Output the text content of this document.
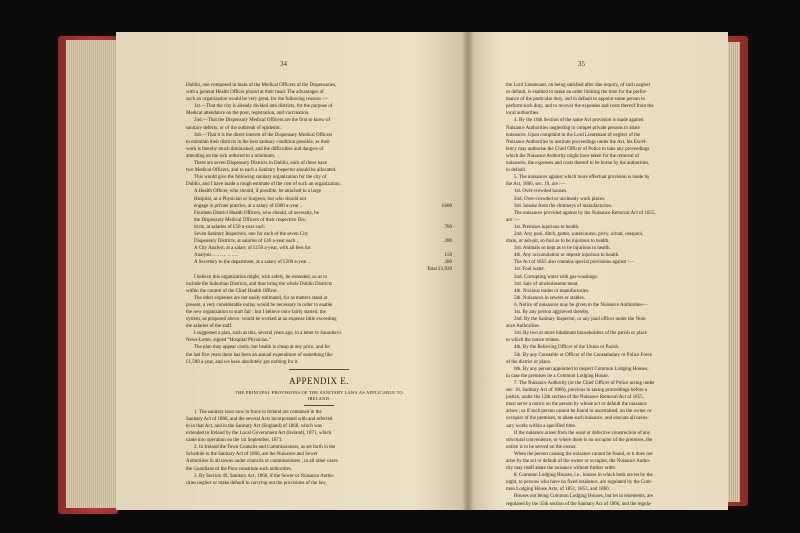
Dublin, one composed in main of the Medical Officers of the Dispensaries,
with a general Health Officer placed at their head. The advantages of
such an organization would be very great, for the following reasons :—
1st.—That the city is already divided into districts, for the purpose of
Medical attendance on the poor, registration, and vaccination.
2nd.—That the Dispensary Medical Officers are the first to know of
sanitary defects, or of the outbreak of epidemic.
3rd.—That it is the direct interest of the Dispensary Medical Officers
to maintain their districts in the best sanitary condition possible, as their
work is thereby much diminished, and the difficulties and dangers of
attending on the sick reduced to a minimum.
There are seven Dispensary Districts in Dublin, each of these have
two Medical Officers, and to each a Sanitary Inspector should be allocated.
This would give the following sanitary organization for the city of
Dublin, and I have made a rough estimate of the cost of such an organization.
A Health Officer, who should, if possible, be attached to a large
Hospital, as a Physician or Surgeon, but who should not
engage in private practice, at a salary of £600 a-year ..	£600
Fourteen District Health Officers, who should, of necessity, be
the Dispensary Medical Officers of their respective Dis-
tricts, at salaries of £50 a-year each	700
Seven Sanitary Inspectors, one for each of the seven City
Dispensary Districts, at salaries of £40 a-year each ..	280
A City Analyst, at a salary of £150 a-year, with all fees for
Analysis .. .. .. .. .. .. ..	150
A Secretary to the department, at a salary of £200 a-year ..	200
Total £1,930
I believe this organization might, with safety, be extended, so as to
include the Suburban Districts, and thus bring the whole Dublin Districts
within the control of the Chief Health Officer.
The other expenses are not easily estimated, for as matters stand at
present, a very considerable outlay would be necessary in order to enable
the new organization to start fair ; but I believe once fairly started, the
system, as proposed above, would be worked at an expense little exceeding
the salaries of the staff.
I suggested a plan, such as this, several years ago, in a letter to Saunders's
News-Letter, signed “Hospital Physician.”
The plan may appear costly, but health is cheap at any price, and for
the last five years there has been an annual expenditure of something like
£1,500 a year, and we have absolutely got nothing for it.
APPENDIX E.
THE PRINCIPAL PROVISIONS OF THE SANITARY LAWS AS APPLICABLE TO
IRELAND.
1. The sanitary laws now in force in Ireland are contained in the
Sanitary Act of 1866, and the several Acts incorporated with and referred
to in that Act, and in the Sanitary Act (England) of 1868, which was
extended to Ireland by the Local Government Act (Ireland), 1871, which
came into operation on the 1st September, 1871.
2. In Ireland the Town Councils and Commissioners, as set forth in the
Schedule to the Sanitary Act of 1866, are the Nuisance and Sewer
Authorities in all towns under councils or commissioners ; in all other cases
the Guardians of the Poor constitute such authorities.
3. By Section 49, Sanitary Act, 1866, if the Sewer or Nuisance Autho-
rities neglect or make default in carrying out the provisions of the law,
34
the Lord Lieutenant, on being satisfied after due inquiry, of such neglect
or default, is enabled to make an order limiting the time for the perfor-
mance of the particular duty, and in default to appoint some person to
perform such duty, and to recover the expenses and costs thereof from the
local authorities.
4. By the 16th Section of the same Act provision is made against
Nuisance Authorities neglecting to compel private persons to abate
nuisances. Upon complaint to the Lord Lieutenant of neglect of the
Nuisance Authorities to institute proceedings under the Act, his Excel-
lency may authorise the Chief Officer of Police to take any proceedings
which the Nuisance Authority might have taken for the removal of
nuisances, the expenses and costs thereof to be borne by the authorities,
in default.
5. The nuisances against which more effectual provision is made by
the Act, 1866, sec. 19, are :—
1st. Over-crowded houses.
2nd. Over-crowded or uncleanly work places.
3rd. Smoke from the chimneys of manufactories.
The nuisances provided against by the Nuisance Removal Act of 1855,
are :—
1st. Premises injurious to health.
2nd. Any pool, ditch, gutter, watercourse, privy, urinal, cesspool,
drain, or ash-pit, so foul as to be injurious to health.
3rd. Animals so kept as to be injurious to health.
4th. Any accumulation or deposit injurious to health.
The Act of 1855 also contains special provisions against :—
1st. Foul water.
2nd. Corrupting water with gas-washings.
3rd. Sale of unwholesome meat.
4th. Noxious trades or manufactories.
5th. Nuisances in sewers or stables.
6. Notice of nuisances may be given to the Nuisance Authorities—
1st. By any person aggrieved thereby.
2nd. By the Sanitary Inspector, or any paid officer under the Nuis-
ance Authorities.
3rd. By two or more inhabitant householders of the parish or place
to which the notice relates.
4th. By the Relieving Officer of the Union or Parish.
5th. By any Constable or Officer of the Constabulary or Police Force
of the district or place.
6th. By any person appointed to inspect Common Lodging Houses,
in case the premises be a Common Lodging House.
7. The Nuisance Authority (or the Chief Officer of Police acting under
sec. 16, Sanitary Act of 1866), previous to taking proceedings before a
justice, under the 12th section of the Nuisance Removal Act of 1855,
must serve a notice on the person by whose act or default the nuisance
arises ; or if such person cannot be found or ascertained, on the owner or
occupier of the premises, to abate such nuisance, and execute all neces-
sary works within a specified time.
If the nuisance arises from the want or defective construction of any
structural convenience, or where there is no occupier of the premises, the
notice is to be served on the owner.
When the person causing the nuisance cannot be found, or it does not
arise by the act or default of the owner or occupier, the Nuisance Autho-
rity may itself abate the nuisance without further order.
8. Common Lodging Houses, i.e., houses in which beds are let by the
night, to persons who have no fixed residence, are regulated by the Com-
mon Lodging House Acts, of 1851, 1853, and 1860.
Houses not being Common Lodging Houses, but let in tenements, are
regulated by the 35th section of the Sanitary Act of 1866, and the regula-
35
